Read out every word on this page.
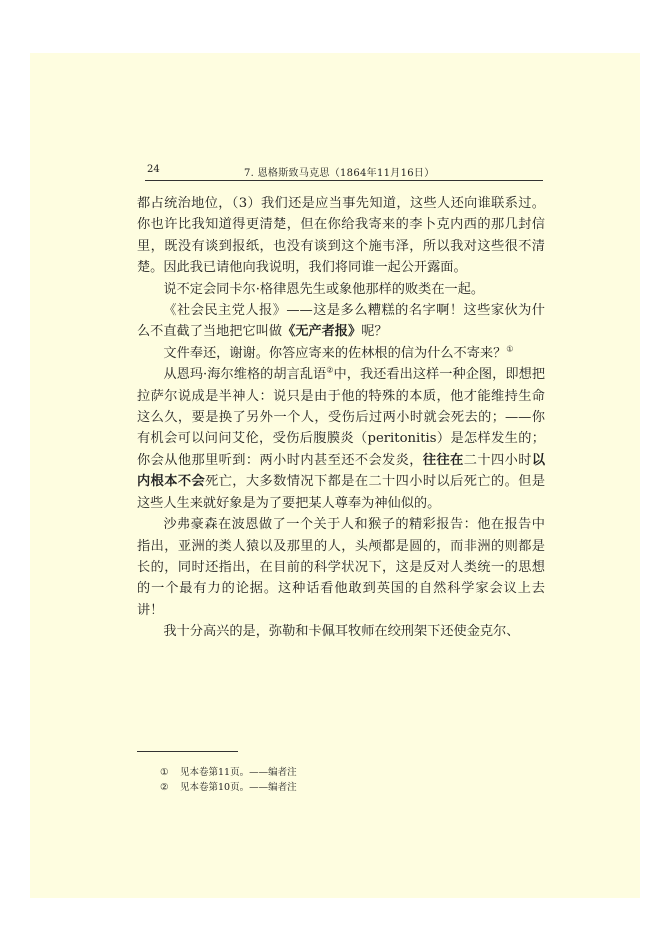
24	7. 恩格斯致马克思（1864年11月16日）

都占统治地位，（3）我们还是应当事先知道，这些人还向谁联系过。你也许比我知道得更清楚，但在你给我寄来的李卜克内西的那几封信里，既没有谈到报纸，也没有谈到这个施韦泽，所以我对这些很不清楚。因此我已请他向我说明，我们将同谁一起公开露面。

说不定会同卡尔·格律恩先生或象他那样的败类在一起。

《社会民主党人报》——这是多么糟糕的名字啊！这些家伙为什么不直截了当地把它叫做《无产者报》呢？

文件奉还，谢谢。你答应寄来的佐林根的信为什么不寄来？①

从恩玛·海尔维格的胡言乱语②中，我还看出这样一种企图，即想把拉萨尔说成是半神人：说只是由于他的特殊的本质，他才能维持生命这么久，要是换了另外一个人，受伤后过两小时就会死去的；——你有机会可以问问艾伦，受伤后腹膜炎（peritonitis）是怎样发生的；你会从他那里听到：两小时内甚至还不会发炎，往往在二十四小时以内根本不会死亡，大多数情况下都是在二十四小时以后死亡的。但是这些人生来就好象是为了要把某人尊奉为神仙似的。

沙弗豪森在波恩做了一个关于人和猴子的精彩报告：他在报告中指出，亚洲的类人猿以及那里的人，头颅都是圆的，而非洲的则都是长的，同时还指出，在目前的科学状况下，这是反对人类统一的思想的一个最有力的论据。这种话看他敢到英国的自然科学家会议上去讲！

我十分高兴的是，弥勒和卡佩耳牧师在绞刑架下还使金克尔、

① 见本卷第11页。——编者注
② 见本卷第10页。——编者注
